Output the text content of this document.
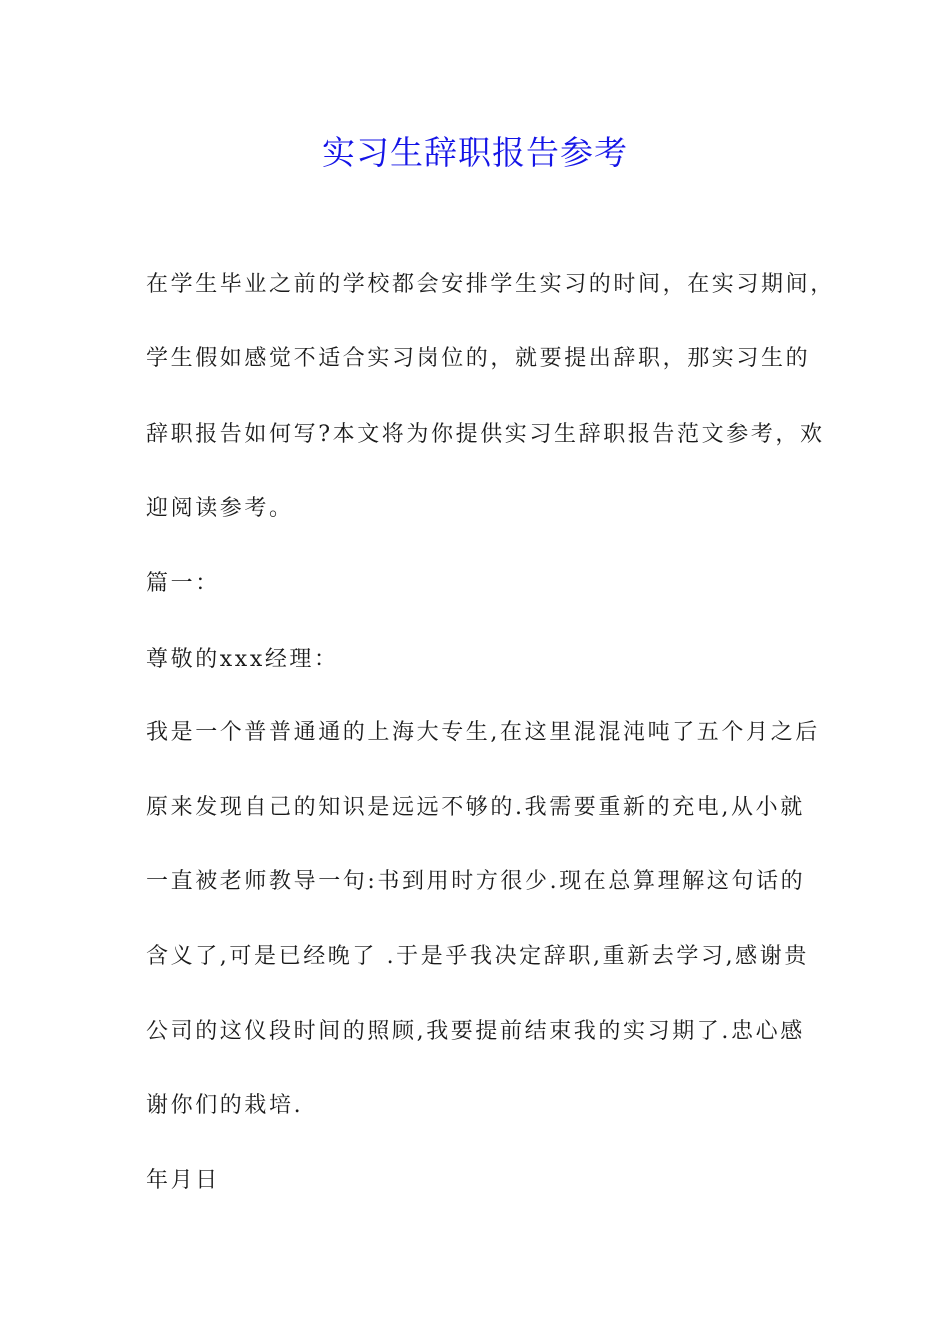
实习生辞职报告参考
在学生毕业之前的学校都会安排学生实习的时间，在实习期间，
学生假如感觉不适合实习岗位的，就要提出辞职，那实习生的
辞职报告如何写?本文将为你提供实习生辞职报告范文参考，欢
迎阅读参考。
篇一：
尊敬的xxx经理：
我是一个普普通通的上海大专生,在这里混混沌吨了五个月之后
原来发现自己的知识是远远不够的.我需要重新的充电,从小就
一直被老师教导一句:书到用时方很少.现在总算理解这句话的
含义了,可是已经晚了 .于是乎我决定辞职,重新去学习,感谢贵
公司的这仪段时间的照顾,我要提前结束我的实习期了.忠心感
谢你们的栽培.
年月日
